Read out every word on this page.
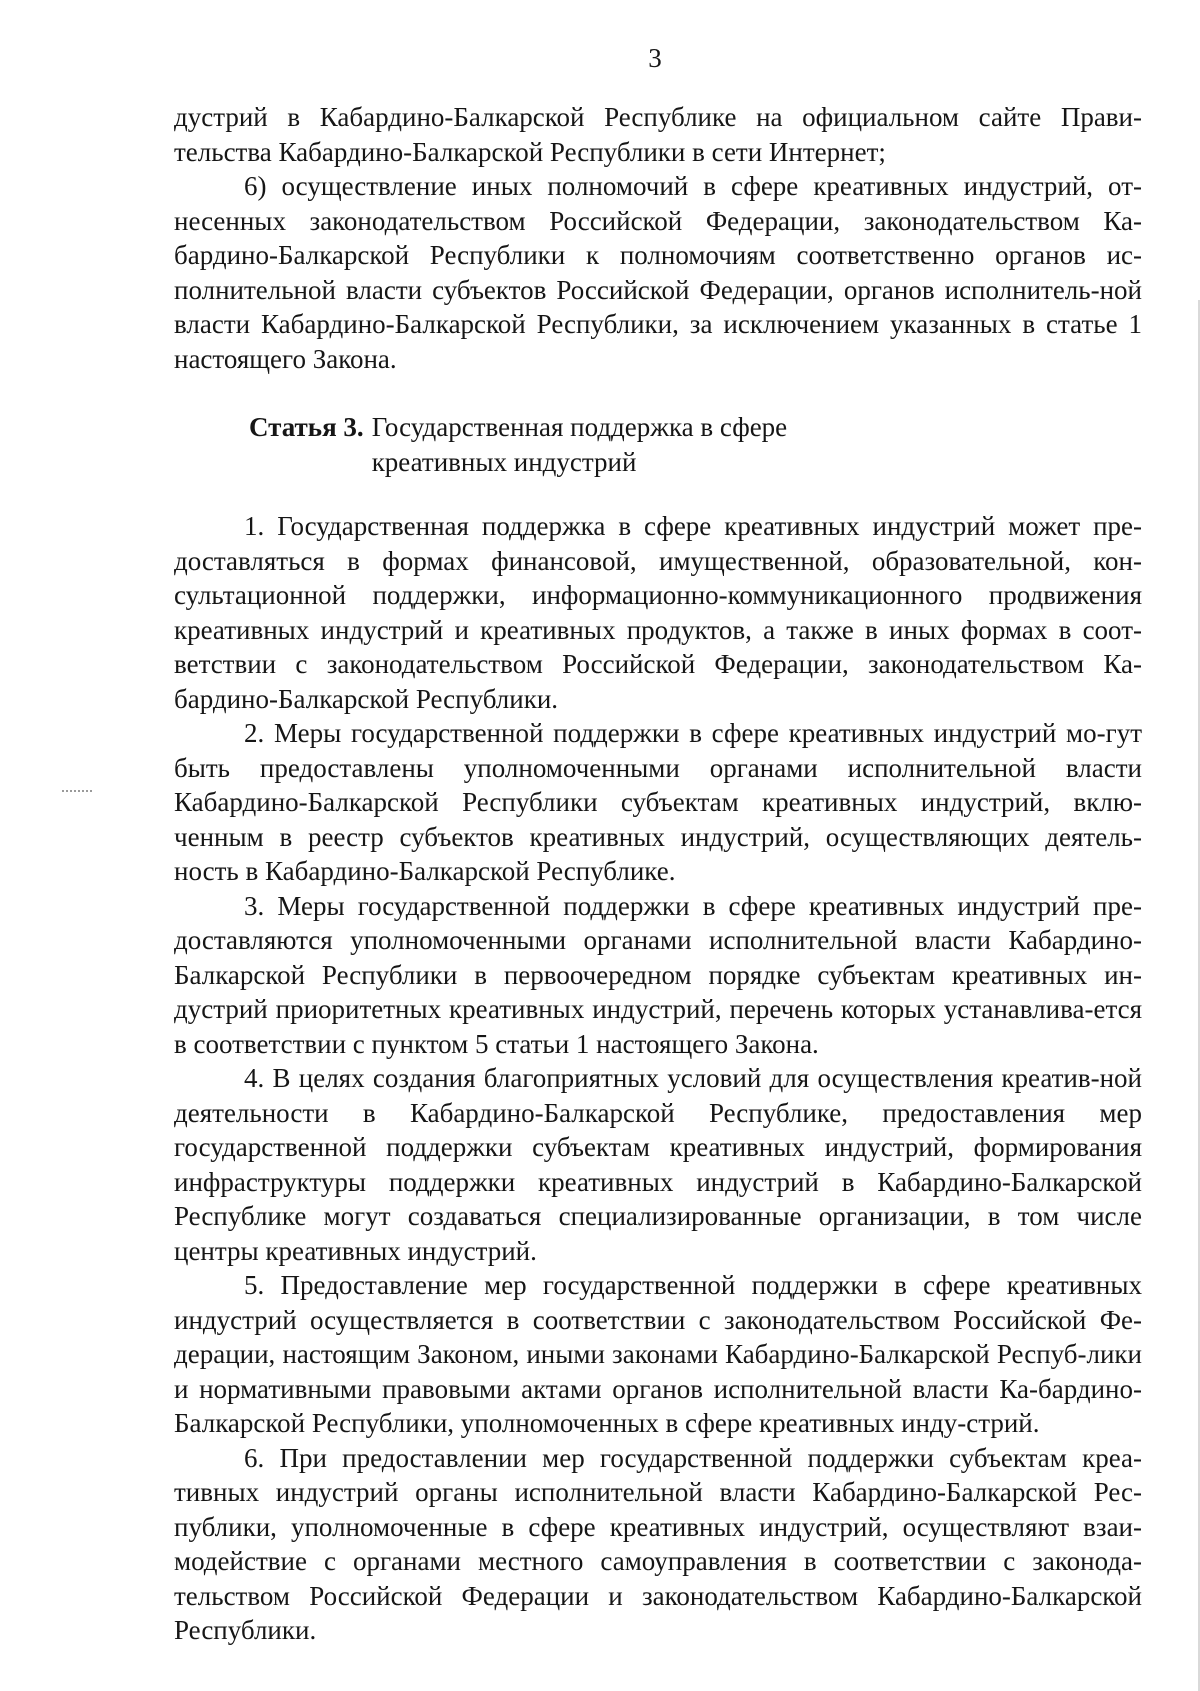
3

дустрий в Кабардино-Балкарской Республике на официальном сайте Прави-тельства Кабардино-Балкарской Республики в сети Интернет;

6) осуществление иных полномочий в сфере креативных индустрий, от-несенных законодательством Российской Федерации, законодательством Ка-бардино-Балкарской Республики к полномочиям соответственно органов ис-полнительной власти субъектов Российской Федерации, органов исполнитель-ной власти Кабардино-Балкарской Республики, за исключением указанных в статье 1 настоящего Закона.

Статья 3. Государственная поддержка в сфере креативных индустрий

1. Государственная поддержка в сфере креативных индустрий может пре-доставляться в формах финансовой, имущественной, образовательной, кон-сультационной поддержки, информационно-коммуникационного продвижения креативных индустрий и креативных продуктов, а также в иных формах в соот-ветствии с законодательством Российской Федерации, законодательством Ка-бардино-Балкарской Республики.

2. Меры государственной поддержки в сфере креативных индустрий мо-гут быть предоставлены уполномоченными органами исполнительной власти Кабардино-Балкарской Республики субъектам креативных индустрий, вклю-ченным в реестр субъектов креативных индустрий, осуществляющих деятель-ность в Кабардино-Балкарской Республике.

3. Меры государственной поддержки в сфере креативных индустрий пре-доставляются уполномоченными органами исполнительной власти Кабардино-Балкарской Республики в первоочередном порядке субъектам креативных ин-дустрий приоритетных креативных индустрий, перечень которых устанавлива-ется в соответствии с пунктом 5 статьи 1 настоящего Закона.

4. В целях создания благоприятных условий для осуществления креатив-ной деятельности в Кабардино-Балкарской Республике, предоставления мер государственной поддержки субъектам креативных индустрий, формирования инфраструктуры поддержки креативных индустрий в Кабардино-Балкарской Республике могут создаваться специализированные организации, в том числе центры креативных индустрий.

5. Предоставление мер государственной поддержки в сфере креативных индустрий осуществляется в соответствии с законодательством Российской Фе-дерации, настоящим Законом, иными законами Кабардино-Балкарской Респуб-лики и нормативными правовыми актами органов исполнительной власти Ка-бардино-Балкарской Республики, уполномоченных в сфере креативных инду-стрий.

6. При предоставлении мер государственной поддержки субъектам креа-тивных индустрий органы исполнительной власти Кабардино-Балкарской Рес-публики, уполномоченные в сфере креативных индустрий, осуществляют взаи-модействие с органами местного самоуправления в соответствии с законода-тельством Российской Федерации и законодательством Кабардино-Балкарской Республики.
